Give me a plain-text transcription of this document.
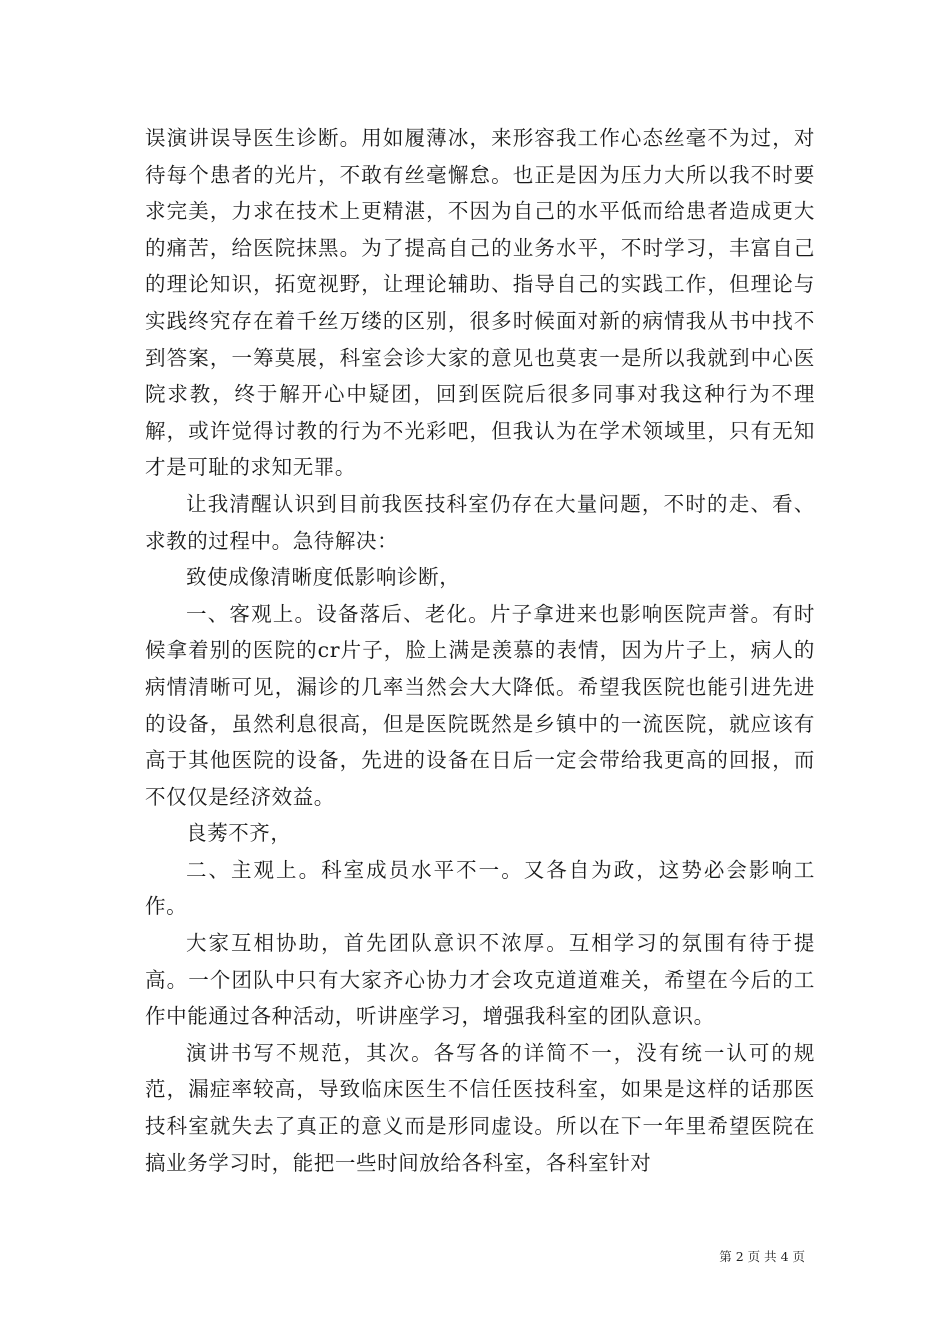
误演讲误导医生诊断。用如履薄冰，来形容我工作心态丝毫不为过，对待每个患者的光片，不敢有丝毫懈怠。也正是因为压力大所以我不时要求完美，力求在技术上更精湛，不因为自己的水平低而给患者造成更大的痛苦，给医院抹黑。为了提高自己的业务水平，不时学习，丰富自己的理论知识，拓宽视野，让理论辅助、指导自己的实践工作，但理论与实践终究存在着千丝万缕的区别，很多时候面对新的病情我从书中找不到答案，一筹莫展，科室会诊大家的意见也莫衷一是所以我就到中心医院求教，终于解开心中疑团，回到医院后很多同事对我这种行为不理解，或许觉得讨教的行为不光彩吧，但我认为在学术领域里，只有无知才是可耻的求知无罪。

让我清醒认识到目前我医技科室仍存在大量问题，不时的走、看、求教的过程中。急待解决：

致使成像清晰度低影响诊断，

一、客观上。设备落后、老化。片子拿进来也影响医院声誉。有时候拿着别的医院的cr片子，脸上满是羡慕的表情，因为片子上，病人的病情清晰可见，漏诊的几率当然会大大降低。希望我医院也能引进先进的设备，虽然利息很高，但是医院既然是乡镇中的一流医院，就应该有高于其他医院的设备，先进的设备在日后一定会带给我更高的回报，而不仅仅是经济效益。

良莠不齐，

二、主观上。科室成员水平不一。又各自为政，这势必会影响工作。

大家互相协助，首先团队意识不浓厚。互相学习的氛围有待于提高。一个团队中只有大家齐心协力才会攻克道道难关，希望在今后的工作中能通过各种活动，听讲座学习，增强我科室的团队意识。

演讲书写不规范，其次。各写各的详简不一，没有统一认可的规范，漏症率较高，导致临床医生不信任医技科室，如果是这样的话那医技科室就失去了真正的意义而是形同虚设。所以在下一年里希望医院在搞业务学习时，能把一些时间放给各科室，各科室针对

第 2 页 共 4 页
